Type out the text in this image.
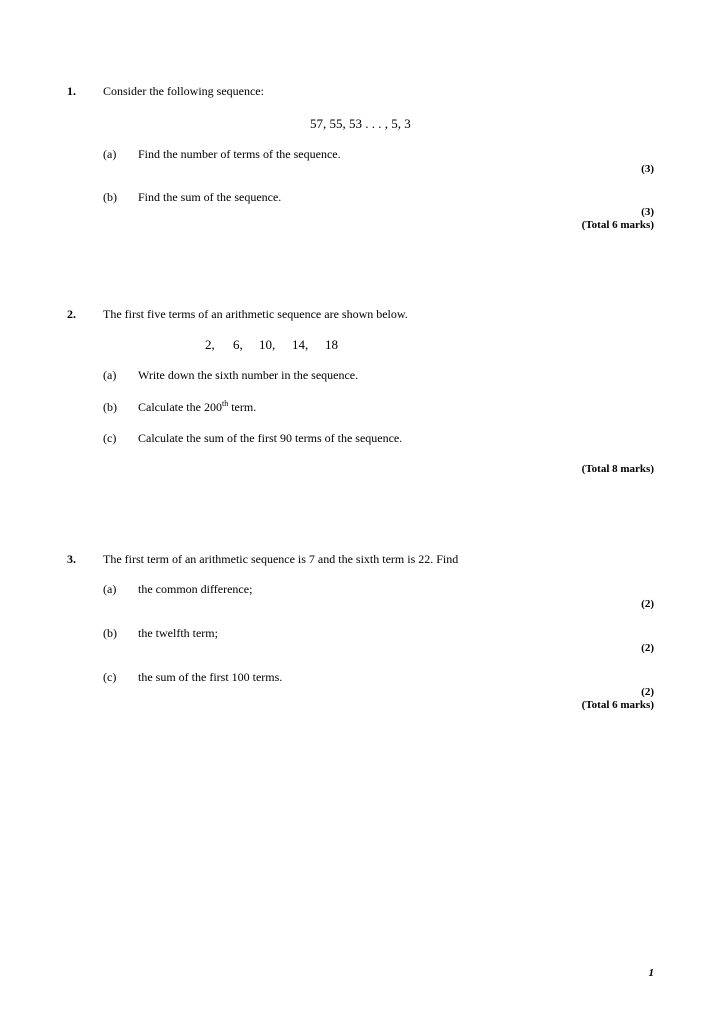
1. Consider the following sequence:
57, 55, 53 . . . , 5, 3
(a) Find the number of terms of the sequence.
(3)
(b) Find the sum of the sequence.
(3)
(Total 6 marks)
2. The first five terms of an arithmetic sequence are shown below.
2, 6, 10, 14, 18
(a) Write down the sixth number in the sequence.
(b) Calculate the 200th term.
(c) Calculate the sum of the first 90 terms of the sequence.
(Total 8 marks)
3. The first term of an arithmetic sequence is 7 and the sixth term is 22. Find
(a) the common difference;
(2)
(b) the twelfth term;
(2)
(c) the sum of the first 100 terms.
(2)
(Total 6 marks)
1
